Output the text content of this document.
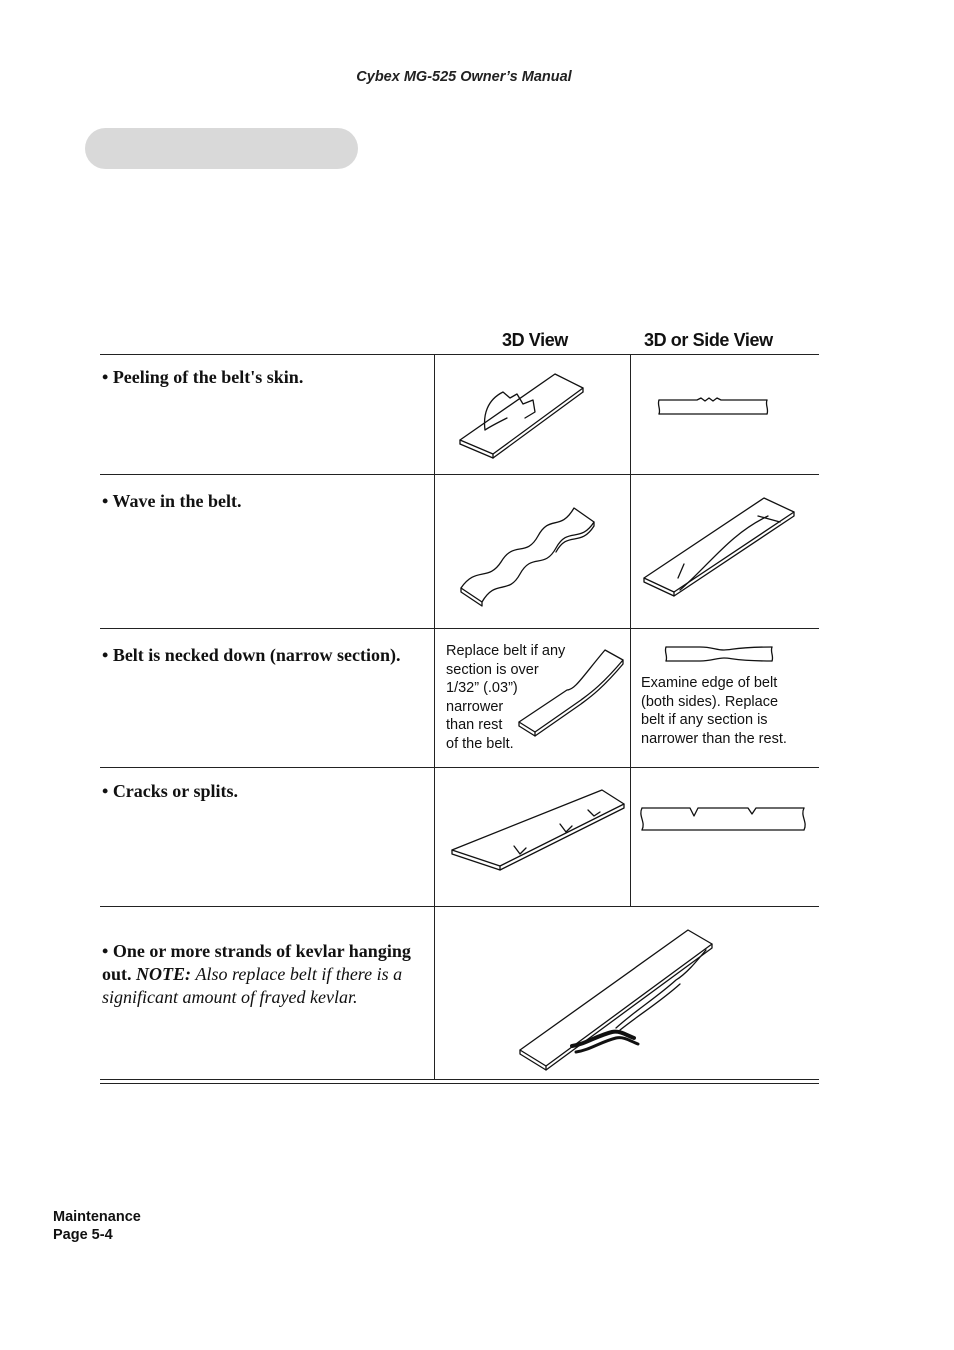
Cybex MG-525 Owner’s Manual
3D View	3D or Side View
• Peeling of the belt's skin.
• Wave in the belt.
• Belt is necked down (narrow section).	Replace belt if any
section is over
1/32” (.03”)
narrower
than rest
of the belt.
Examine edge of belt
(both sides). Replace
belt if any section is
narrower than the rest.
• Cracks or splits.
• One or more strands of kevlar hanging out. NOTE: Also replace belt if there is a significant amount of frayed kevlar.
Maintenance
Page 5-4
